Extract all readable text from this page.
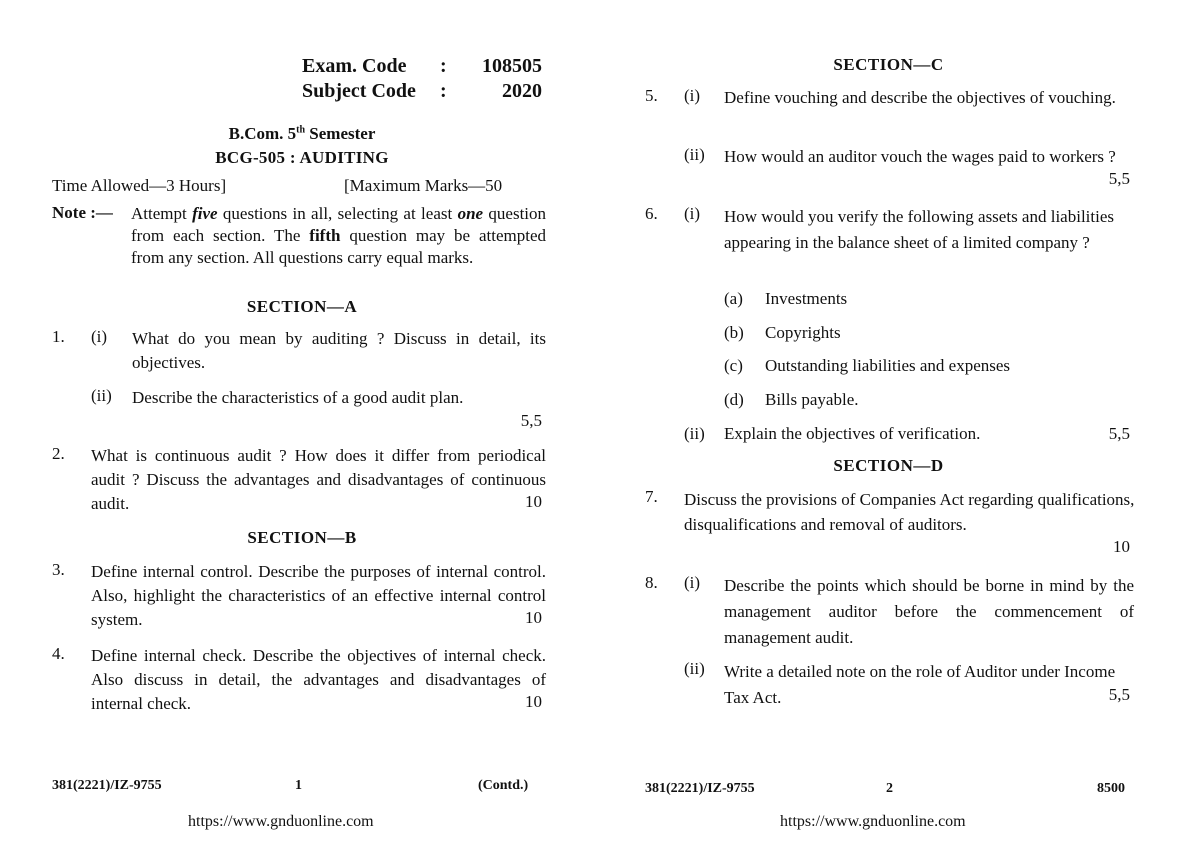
Exam. Code : 108505
Subject Code :	2020
B.Com. 5th Semester
BCG-505 : AUDITING
Time Allowed—3 Hours]	[Maximum Marks—50
Note :— Attempt five questions in all, selecting at least one question from each section. The fifth question may be attempted from any section. All questions carry equal marks.
SECTION—A
1. (i) What do you mean by auditing ? Discuss in detail, its objectives.
(ii) Describe the characteristics of a good audit plan.
5,5
2. What is continuous audit ? How does it differ from periodical audit ? Discuss the advantages and disadvantages of continuous audit.	10
SECTION—B
3. Define internal control. Describe the purposes of internal control. Also, highlight the characteristics of an effective internal control system.	10
4. Define internal check. Describe the objectives of internal check. Also discuss in detail, the advantages and disadvantages of internal check.	10
381(2221)/IZ-9755	1	(Contd.)
https://www.gnduonline.com
SECTION—C
5. (i) Define vouching and describe the objectives of vouching.
(ii) How would an auditor vouch the wages paid to workers ?
5,5
6. (i) How would you verify the following assets and liabilities appearing in the balance sheet of a limited company ?
(a) Investments
(b) Copyrights
(c) Outstanding liabilities and expenses
(d) Bills payable.
(ii) Explain the objectives of verification.	5,5
SECTION—D
7. Discuss the provisions of Companies Act regarding qualifications, disqualifications and removal of auditors.
10
8. (i) Describe the points which should be borne in mind by the management auditor before the commencement of management audit.
(ii) Write a detailed note on the role of Auditor under Income Tax Act.	5,5
381(2221)/IZ-9755	2	8500
https://www.gnduonline.com
